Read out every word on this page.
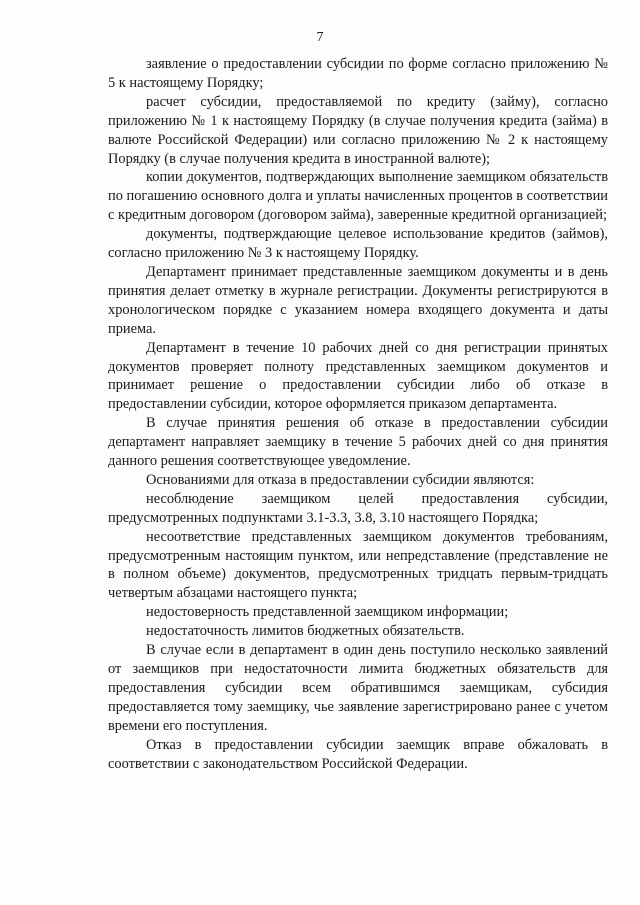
7

заявление о предоставлении субсидии по форме согласно приложению № 5 к настоящему Порядку;

расчет субсидии, предоставляемой по кредиту (займу), согласно приложению № 1 к настоящему Порядку (в случае получения кредита (займа) в валюте Российской Федерации) или согласно приложению № 2 к настоящему Порядку (в случае получения кредита в иностранной валюте);

копии документов, подтверждающих выполнение заемщиком обязательств по погашению основного долга и уплаты начисленных процентов в соответствии с кредитным договором (договором займа), заверенные кредитной организацией;

документы, подтверждающие целевое использование кредитов (займов), согласно приложению № 3 к настоящему Порядку.

Департамент принимает представленные заемщиком документы и в день принятия делает отметку в журнале регистрации. Документы регистрируются в хронологическом порядке с указанием номера входящего документа и даты приема.

Департамент в течение 10 рабочих дней со дня регистрации принятых документов проверяет полноту представленных заемщиком документов и принимает решение о предоставлении субсидии либо об отказе в предоставлении субсидии, которое оформляется приказом департамента.

В случае принятия решения об отказе в предоставлении субсидии департамент направляет заемщику в течение 5 рабочих дней со дня принятия данного решения соответствующее уведомление.

Основаниями для отказа в предоставлении субсидии являются:

несоблюдение заемщиком целей предоставления субсидии, предусмотренных подпунктами 3.1-3.3, 3.8, 3.10 настоящего Порядка;

несоответствие представленных заемщиком документов требованиям, предусмотренным настоящим пунктом, или непредставление (представление не в полном объеме) документов, предусмотренных тридцать первым-тридцать четвертым абзацами настоящего пункта;

недостоверность представленной заемщиком информации;

недостаточность лимитов бюджетных обязательств.

В случае если в департамент в один день поступило несколько заявлений от заемщиков при недостаточности лимита бюджетных обязательств для предоставления субсидии всем обратившимся заемщикам, субсидия предоставляется тому заемщику, чье заявление зарегистрировано ранее с учетом времени его поступления.

Отказ в предоставлении субсидии заемщик вправе обжаловать в соответствии с законодательством Российской Федерации.
